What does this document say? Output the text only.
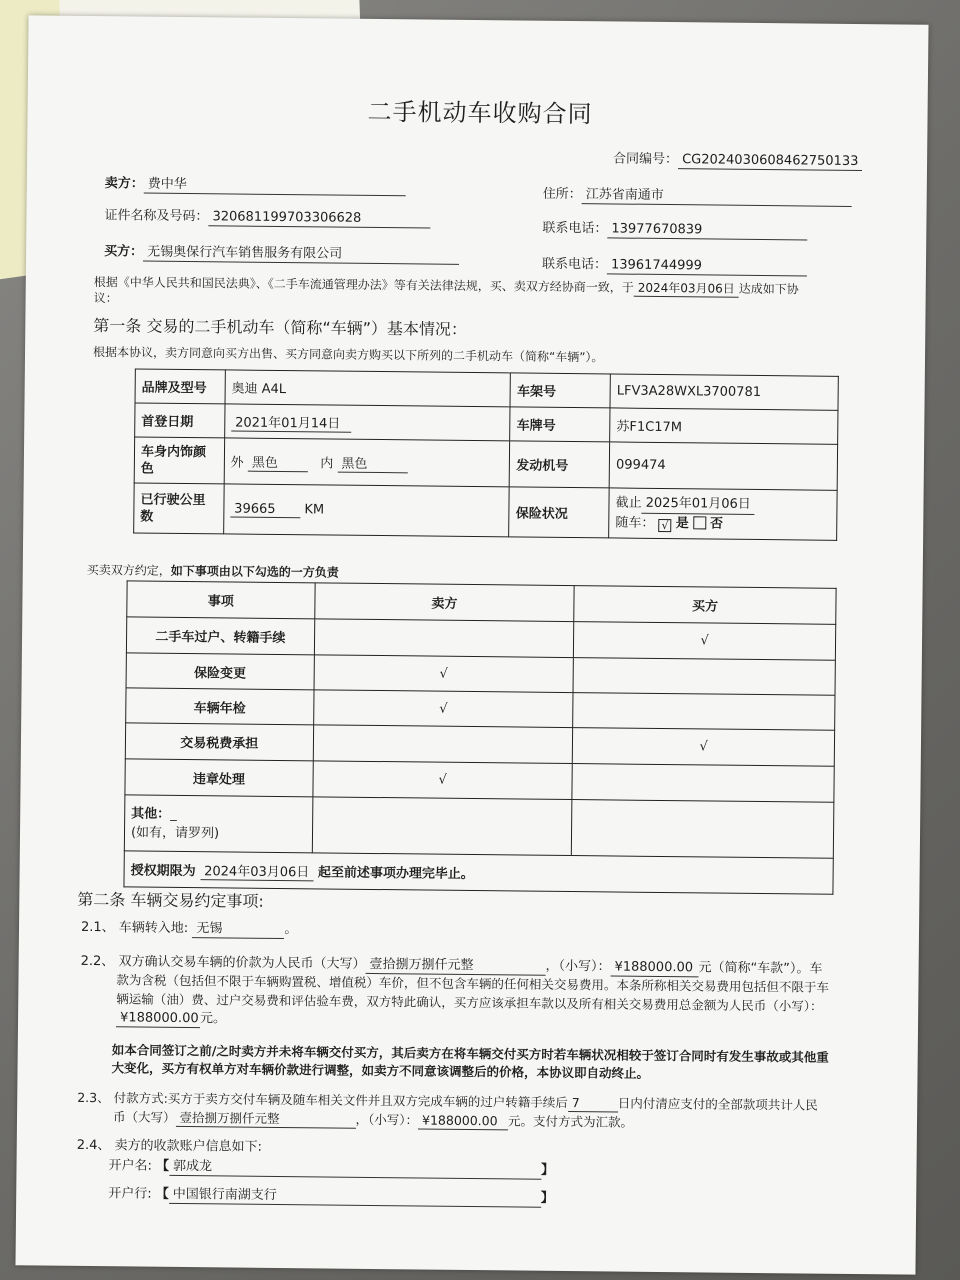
二手机动车收购合同
合同编号： CG2024030608462750133
卖方： 费中华
住所： 江苏省南通市
证件名称及号码： 320681199703306628
联系电话： 13977670839
买方： 无锡奥保行汽车销售服务有限公司
联系电话： 13961744999
根据《中华人民共和国民法典》、《二手车流通管理办法》等有关法律法规，买、卖双方经协商一致，于 2024年03月06日 达成如下协
议：
第一条 交易的二手机动车（简称“车辆”）基本情况：
根据本协议，卖方同意向买方出售、买方同意向卖方购买以下所列的二手机动车（简称“车辆”）。
品牌及型号	奥迪 A4L	车架号	LFV3A28WXL3700781
首登日期	2021年01月14日	车牌号	苏F1C17M
车身内饰颜色	外 黑色 内 黑色	发动机号	099474
已行驶公里数	39665 KM	保险状况	截止 2025年01月06日
随车： √ 是 否
买卖双方约定，如下事项由以下勾选的一方负责
事项	卖方	买方
二手车过户、转籍手续		√
保险变更	√	
车辆年检	√	
交易税费承担		√
违章处理	√	
其他：_
(如有，请罗列)		
授权期限为 2024年03月06日 起至前述事项办理完毕止。		
第二条 车辆交易约定事项:
2.1、 车辆转入地: 无锡	。
2.2、 双方确认交易车辆的价款为人民币（大写） 壹拾捌万捌仟元整	，（小写）： ¥188000.00 元（简称“车款”）。车
款为含税（包括但不限于车辆购置税、增值税）车价，但不包含车辆的任何相关交易费用。本条所称相关交易费用包括但不限于车
辆运输（油）费、过户交易费和评估验车费，双方特此确认，买方应该承担车款以及所有相关交易费用总金额为人民币（小写）：
¥188000.00元。
如本合同签订之前/之时卖方并未将车辆交付买方，其后卖方在将车辆交付买方时若车辆状况相较于签订合同时有发生事故或其他重
大变化，买方有权单方对车辆价款进行调整，如卖方不同意该调整后的价格，本协议即自动终止。
2.3、 付款方式:买方于卖方交付车辆及随车相关文件并且双方完成车辆的过户转籍手续后 7	日内付清应支付的全部款项共计人民
币（大写） 壹拾捌万捌仟元整	，（小写）： ¥188000.00 元。支付方式为汇款。
2.4、 卖方的收款账户信息如下:
开户名: 【 郭成龙	】
开户行: 【 中国银行南湖支行	】
